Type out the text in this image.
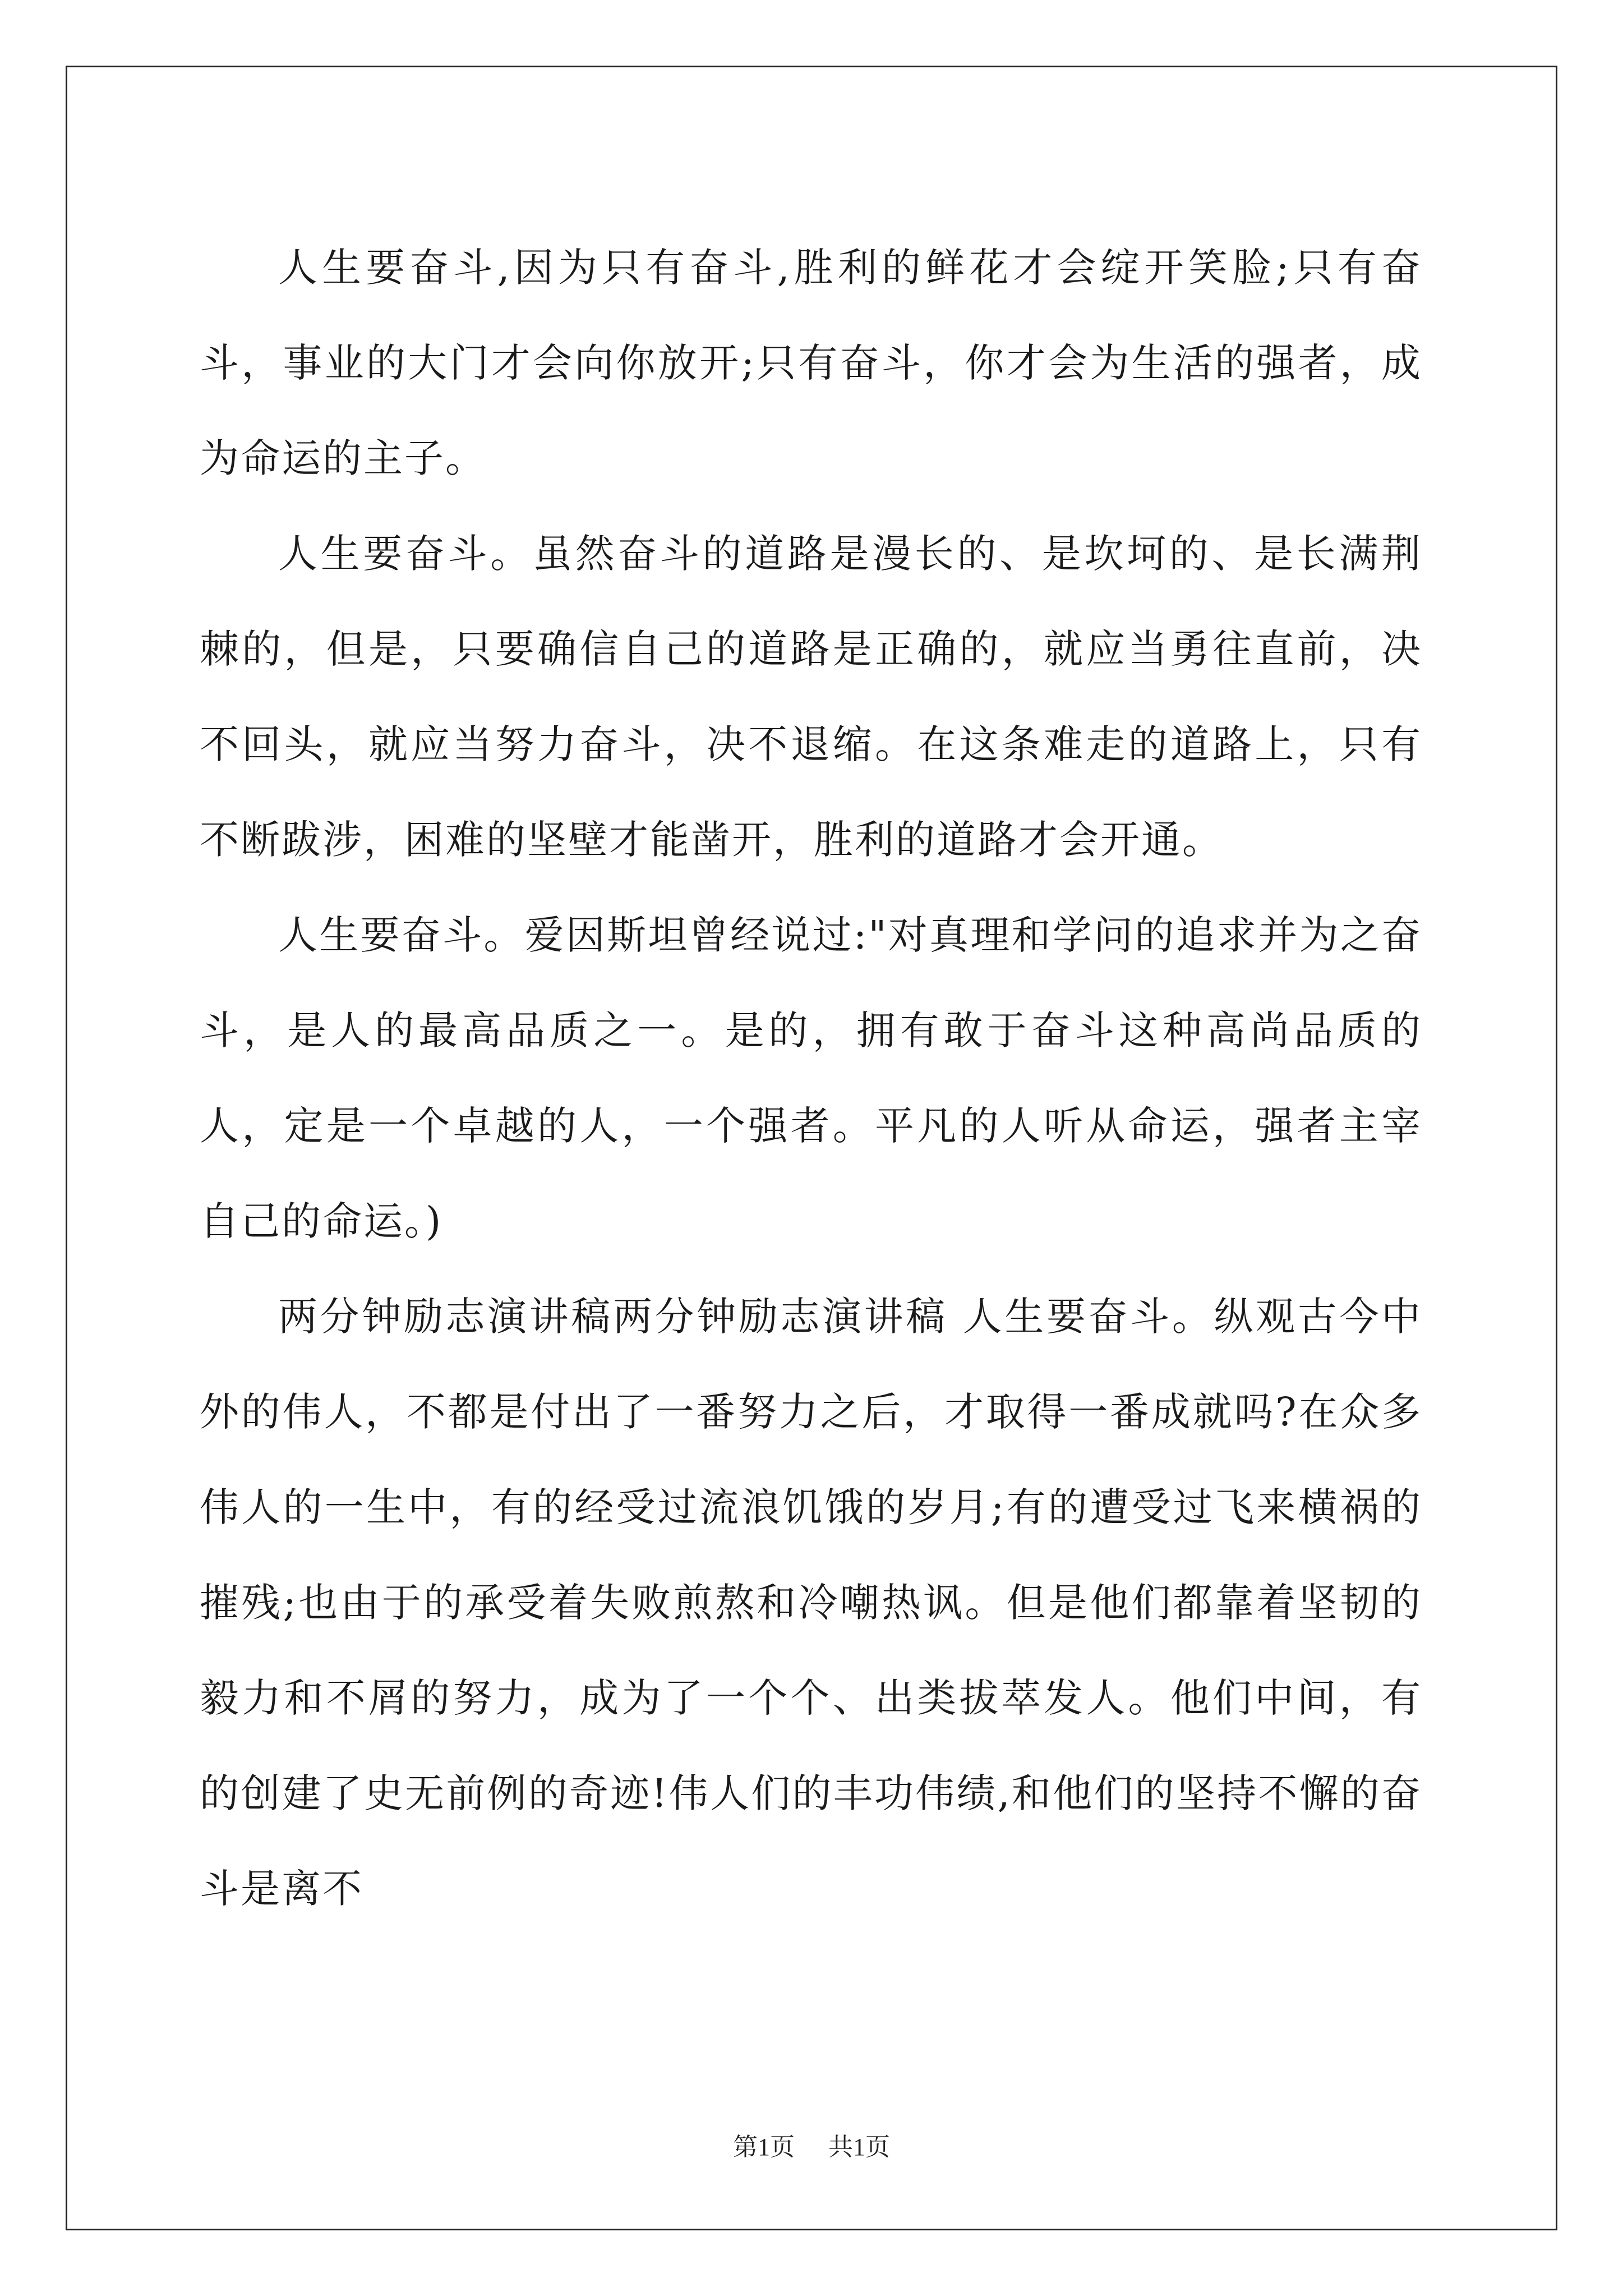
人生要奋斗,因为只有奋斗,胜利的鲜花才会绽开笑脸;只有奋斗，事业的大门才会向你放开;只有奋斗，你才会为生活的强者，成为命运的主子。

人生要奋斗。虽然奋斗的道路是漫长的、是坎坷的、是长满荆棘的，但是，只要确信自己的道路是正确的，就应当勇往直前，决不回头，就应当努力奋斗，决不退缩。在这条难走的道路上，只有不断跋涉，困难的坚壁才能凿开，胜利的道路才会开通。

人生要奋斗。爱因斯坦曾经说过:"对真理和学问的追求并为之奋斗，是人的最高品质之一。是的，拥有敢于奋斗这种高尚品质的人，定是一个卓越的人，一个强者。平凡的人听从命运，强者主宰自己的命运。)

两分钟励志演讲稿两分钟励志演讲稿 人生要奋斗。纵观古今中外的伟人，不都是付出了一番努力之后，才取得一番成就吗?在众多伟人的一生中，有的经受过流浪饥饿的岁月;有的遭受过飞来横祸的摧残;也由于的承受着失败煎熬和冷嘲热讽。但是他们都靠着坚韧的毅力和不屑的努力，成为了一个个、出类拔萃发人。他们中间，有的创建了史无前例的奇迹!伟人们的丰功伟绩,和他们的坚持不懈的奋斗是离不

第1页 共1页
